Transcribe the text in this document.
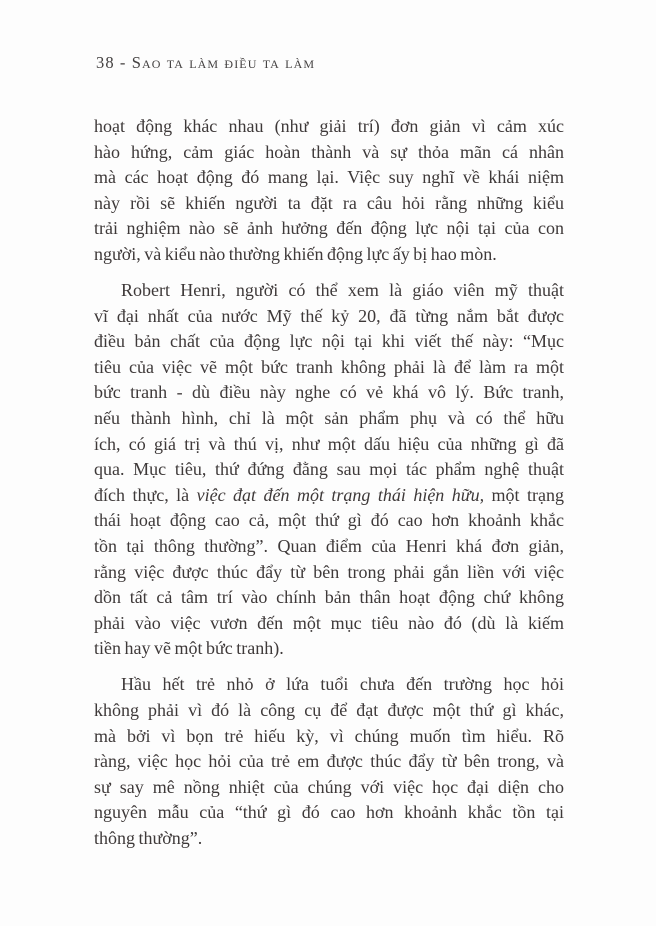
38 - Sao ta làm điều ta làm
hoạt động khác nhau (như giải trí) đơn giản vì cảm xúc
hào hứng, cảm giác hoàn thành và sự thỏa mãn cá nhân
mà các hoạt động đó mang lại. Việc suy nghĩ về khái niệm
này rồi sẽ khiến người ta đặt ra câu hỏi rằng những kiểu
trải nghiệm nào sẽ ảnh hưởng đến động lực nội tại của con
người, và kiểu nào thường khiến động lực ấy bị hao mòn.
Robert Henri, người có thể xem là giáo viên mỹ thuật
vĩ đại nhất của nước Mỹ thế kỷ 20, đã từng nắm bắt được
điều bản chất của động lực nội tại khi viết thế này: “Mục
tiêu của việc vẽ một bức tranh không phải là để làm ra một
bức tranh - dù điều này nghe có vẻ khá vô lý. Bức tranh,
nếu thành hình, chỉ là một sản phẩm phụ và có thể hữu
ích, có giá trị và thú vị, như một dấu hiệu của những gì đã
qua. Mục tiêu, thứ đứng đằng sau mọi tác phẩm nghệ thuật
đích thực, là việc đạt đến một trạng thái hiện hữu, một trạng
thái hoạt động cao cả, một thứ gì đó cao hơn khoảnh khắc
tồn tại thông thường”. Quan điểm của Henri khá đơn giản,
rằng việc được thúc đẩy từ bên trong phải gắn liền với việc
dồn tất cả tâm trí vào chính bản thân hoạt động chứ không
phải vào việc vươn đến một mục tiêu nào đó (dù là kiếm
tiền hay vẽ một bức tranh).
Hầu hết trẻ nhỏ ở lứa tuổi chưa đến trường học hỏi
không phải vì đó là công cụ để đạt được một thứ gì khác,
mà bởi vì bọn trẻ hiếu kỳ, vì chúng muốn tìm hiểu. Rõ
ràng, việc học hỏi của trẻ em được thúc đẩy từ bên trong, và
sự say mê nồng nhiệt của chúng với việc học đại diện cho
nguyên mẫu của “thứ gì đó cao hơn khoảnh khắc tồn tại
thông thường”.
